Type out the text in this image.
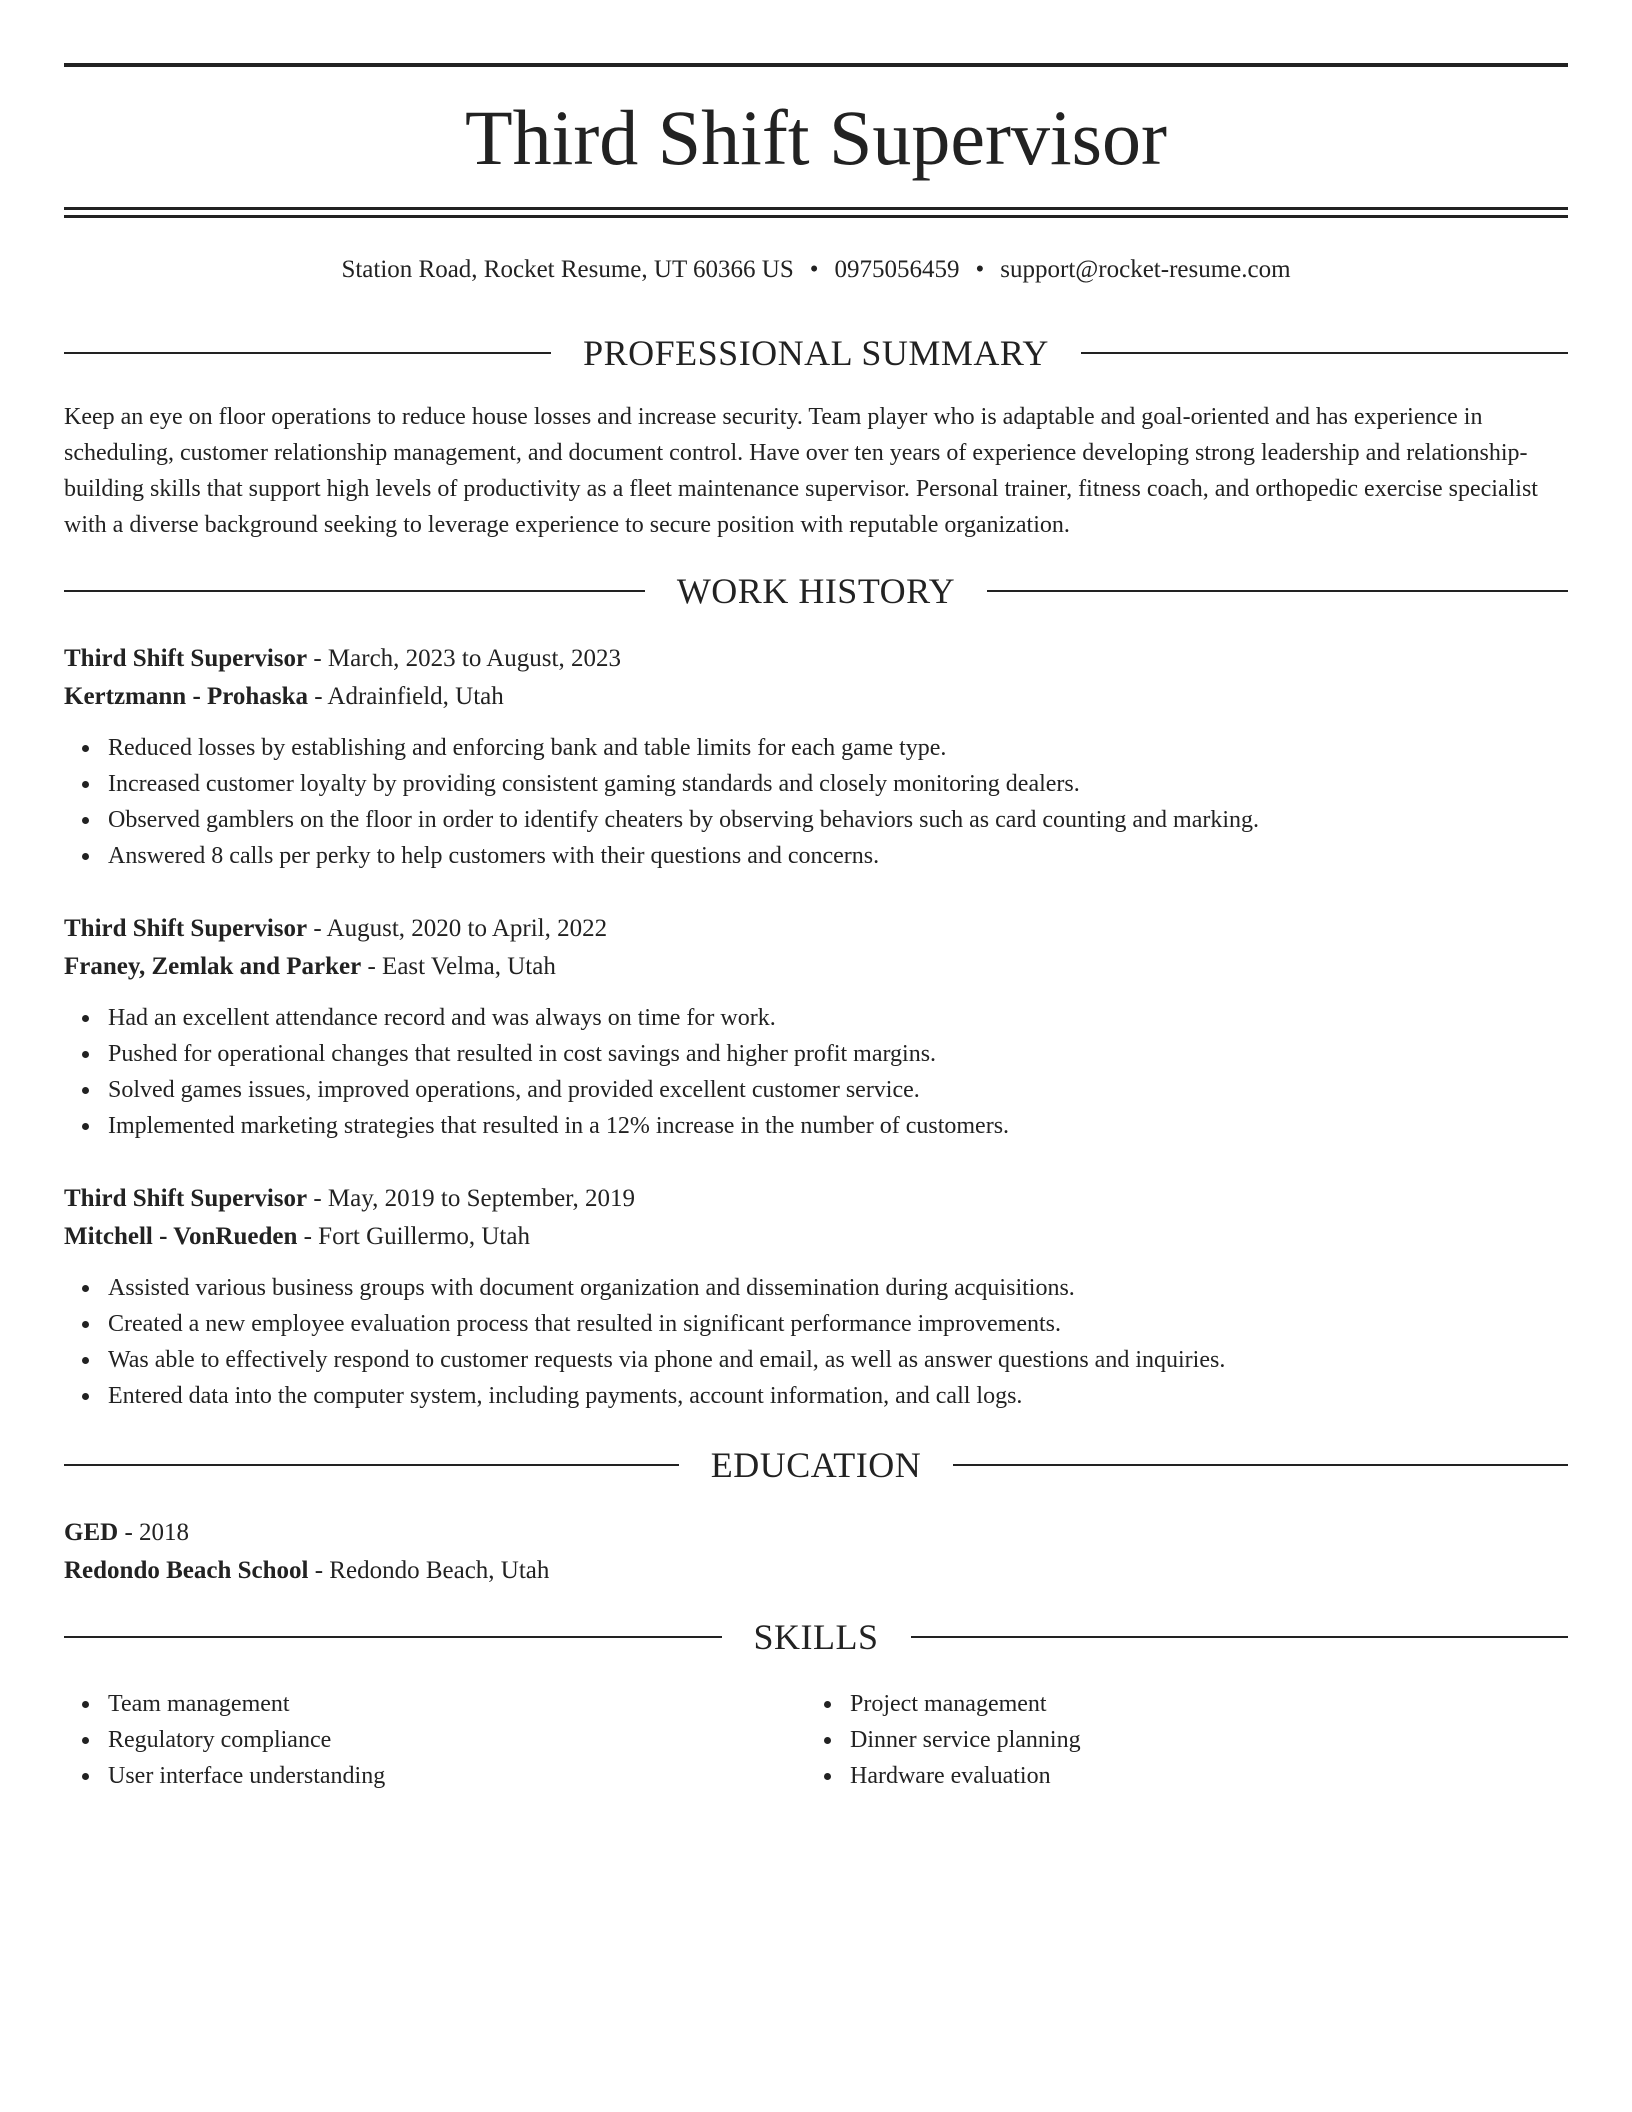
Third Shift Supervisor
Station Road, Rocket Resume, UT 60366 US • 0975056459 • support@rocket-resume.com
PROFESSIONAL SUMMARY

Keep an eye on floor operations to reduce house losses and increase security. Team player who is adaptable and goal-oriented and has experience in scheduling, customer relationship management, and document control. Have over ten years of experience developing strong leadership and relationship-building skills that support high levels of productivity as a fleet maintenance supervisor. Personal trainer, fitness coach, and orthopedic exercise specialist with a diverse background seeking to leverage experience to secure position with reputable organization.

WORK HISTORY
Third Shift Supervisor - March, 2023 to August, 2023
Kertzmann - Prohaska - Adrainfield, Utah
Reduced losses by establishing and enforcing bank and table limits for each game type.
Increased customer loyalty by providing consistent gaming standards and closely monitoring dealers.
Observed gamblers on the floor in order to identify cheaters by observing behaviors such as card counting and marking.
Answered 8 calls per perky to help customers with their questions and concerns.
Third Shift Supervisor - August, 2020 to April, 2022
Franey, Zemlak and Parker - East Velma, Utah
Had an excellent attendance record and was always on time for work.
Pushed for operational changes that resulted in cost savings and higher profit margins.
Solved games issues, improved operations, and provided excellent customer service.
Implemented marketing strategies that resulted in a 12% increase in the number of customers.
Third Shift Supervisor - May, 2019 to September, 2019
Mitchell - VonRueden - Fort Guillermo, Utah
Assisted various business groups with document organization and dissemination during acquisitions.
Created a new employee evaluation process that resulted in significant performance improvements.
Was able to effectively respond to customer requests via phone and email, as well as answer questions and inquiries.
Entered data into the computer system, including payments, account information, and call logs.
EDUCATION
GED - 2018
Redondo Beach School - Redondo Beach, Utah
SKILLS
Team management
Regulatory compliance
User interface understanding
Project management
Dinner service planning
Hardware evaluation
